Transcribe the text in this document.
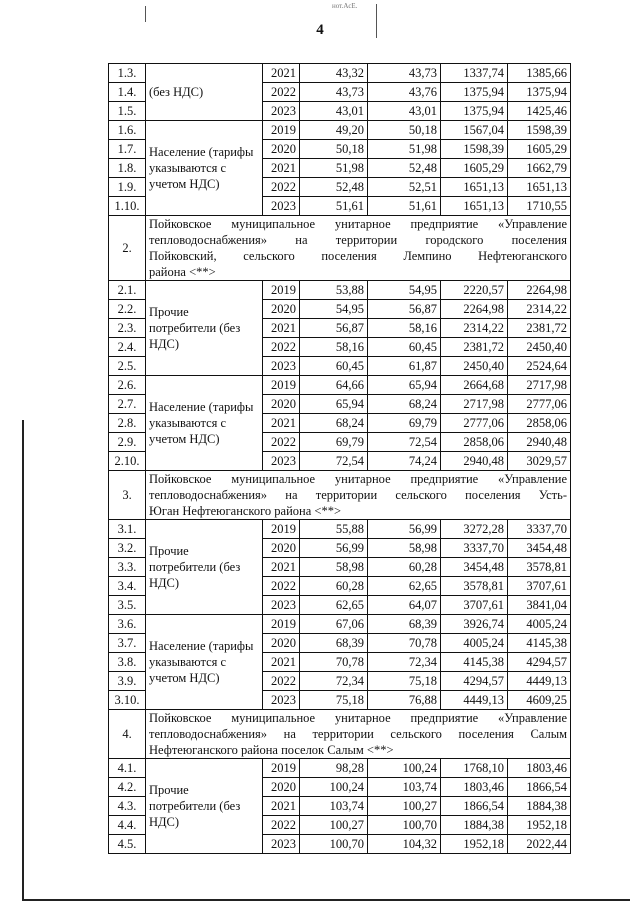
нот.АсЕ.
4
1.3.	(без НДС)	2021	43,32	43,73	1337,74	1385,66
1.4.		2022	43,73	43,76	1375,94	1375,94
1.5.		2023	43,01	43,01	1375,94	1425,46
1.6.	Население (тарифы указываются с учетом НДС)	2019	49,20	50,18	1567,04	1598,39
1.7.		2020	50,18	51,98	1598,39	1605,29
1.8.		2021	51,98	52,48	1605,29	1662,79
1.9.		2022	52,48	52,51	1651,13	1651,13
1.10.		2023	51,61	51,61	1651,13	1710,55
2.	Пойковское муниципальное унитарное предприятие «Управление
тепловодоснабжения» на территории городского поселения
Пойковский, сельского поселения Лемпино Нефтеюганского
района <**>					

2.1.	Прочие потребители (без НДС)	2019	53,88	54,95	2220,57	2264,98
2.2.		2020	54,95	56,87	2264,98	2314,22
2.3.		2021	56,87	58,16	2314,22	2381,72
2.4.		2022	58,16	60,45	2381,72	2450,40
2.5.		2023	60,45	61,87	2450,40	2524,64
2.6.	Население (тарифы указываются с учетом НДС)	2019	64,66	65,94	2664,68	2717,98
2.7.		2020	65,94	68,24	2717,98	2777,06
2.8.		2021	68,24	69,79	2777,06	2858,06
2.9.		2022	69,79	72,54	2858,06	2940,48
2.10.		2023	72,54	74,24	2940,48	3029,57
3.	Пойковское муниципальное унитарное предприятие «Управление
тепловодоснабжения» на территории сельского поселения Усть-
Юган Нефтеюганского района <**>					

3.1.	Прочие потребители (без НДС)	2019	55,88	56,99	3272,28	3337,70
3.2.		2020	56,99	58,98	3337,70	3454,48
3.3.		2021	58,98	60,28	3454,48	3578,81
3.4.		2022	60,28	62,65	3578,81	3707,61
3.5.		2023	62,65	64,07	3707,61	3841,04
3.6.	Население (тарифы указываются с учетом НДС)	2019	67,06	68,39	3926,74	4005,24
3.7.		2020	68,39	70,78	4005,24	4145,38
3.8.		2021	70,78	72,34	4145,38	4294,57
3.9.		2022	72,34	75,18	4294,57	4449,13
3.10.		2023	75,18	76,88	4449,13	4609,25
4.	Пойковское муниципальное унитарное предприятие «Управление
тепловодоснабжения» на территории сельского поселения Салым
Нефтеюганского района поселок Салым <**>					

4.1.	Прочие потребители (без НДС)	2019	98,28	100,24	1768,10	1803,46
4.2.		2020	100,24	103,74	1803,46	1866,54
4.3.		2021	103,74	100,27	1866,54	1884,38
4.4.		2022	100,27	100,70	1884,38	1952,18
4.5.		2023	100,70	104,32	1952,18	2022,44
